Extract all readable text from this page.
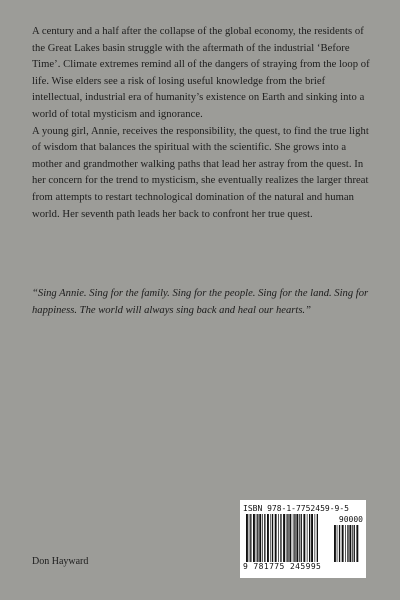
A century and a half after the collapse of the global economy, the residents of the Great Lakes basin struggle with the aftermath of the industrial ‘Before Time’. Climate extremes remind all of the dangers of straying from the loop of life. Wise elders see a risk of losing useful knowledge from the brief intellectual, industrial era of humanity’s existence on Earth and sinking into a world of total mysticism and ignorance.

A young girl, Annie, receives the responsibility, the quest, to find the true light of wisdom that balances the spiritual with the scientific. She grows into a mother and grandmother walking paths that lead her astray from the quest. In her concern for the trend to mysticism, she eventually realizes the larger threat from attempts to restart technological domination of the natural and human world. Her seventh path leads her back to confront her true quest.

“Sing Annie. Sing for the family. Sing for the people. Sing for the land. Sing for happiness. The world will always sing back and heal our hearts.”
Don Hayward
ISBN 978-1-7752459-9-5
90000
9 781775 245995
